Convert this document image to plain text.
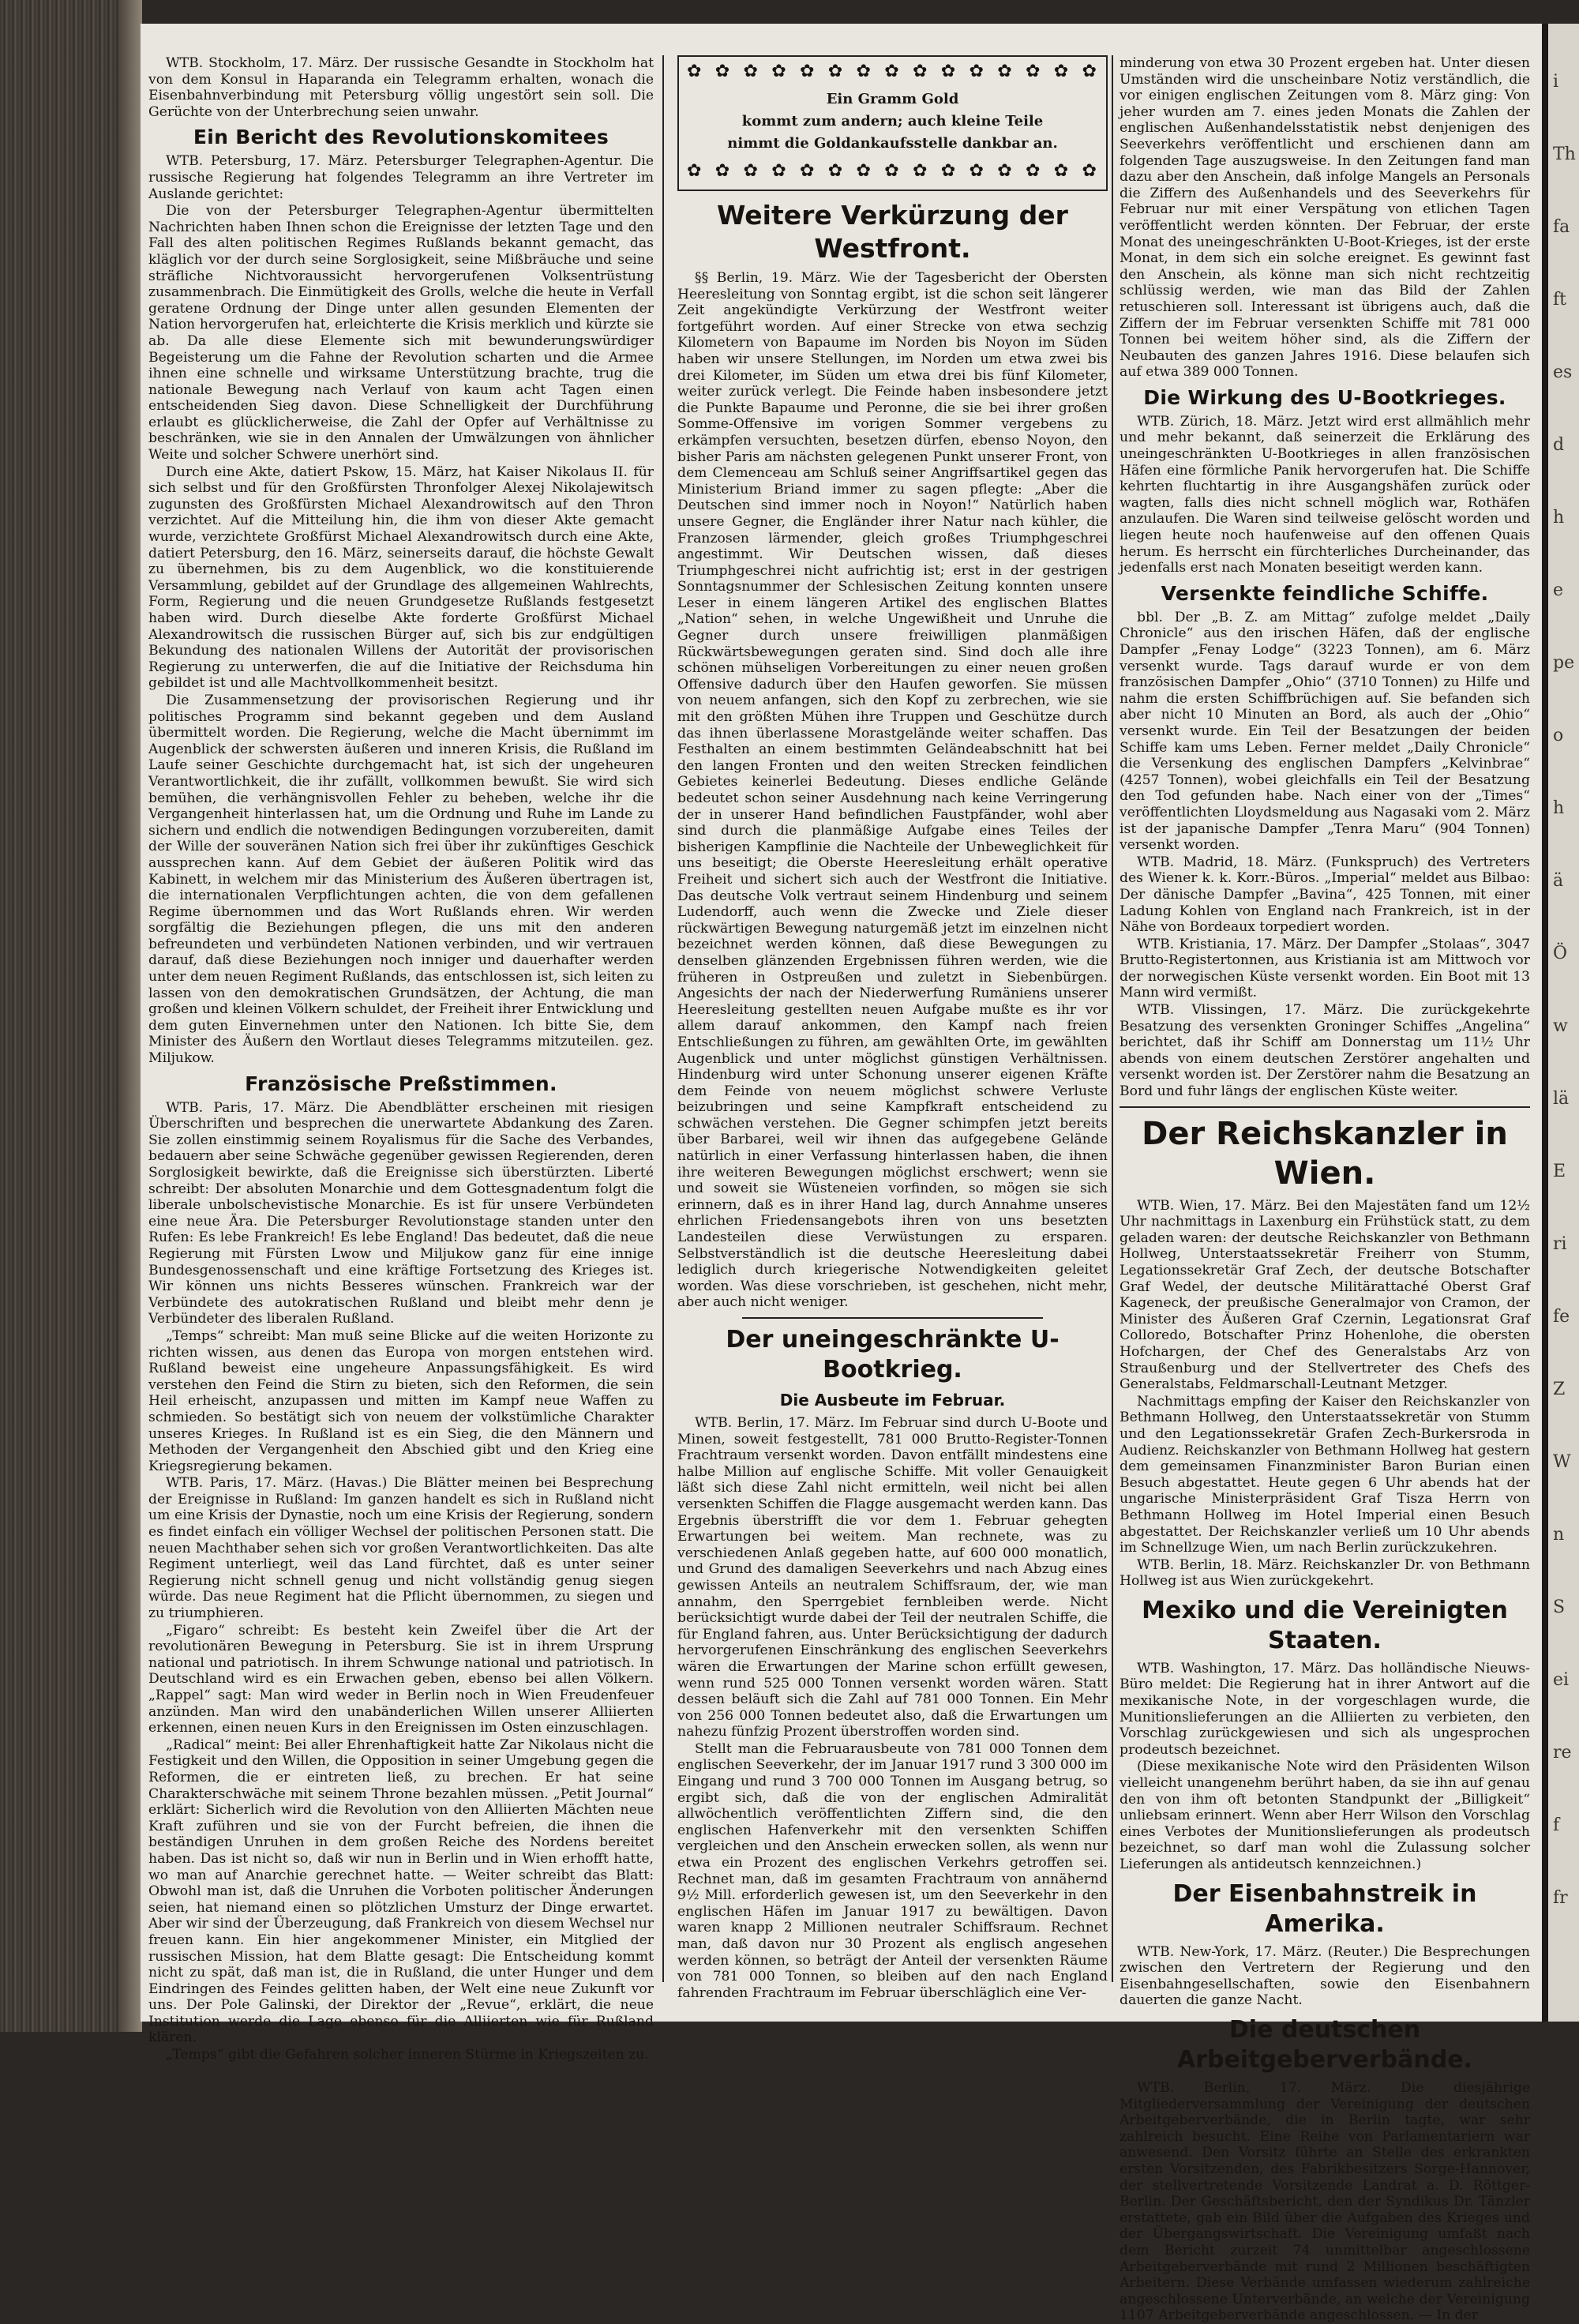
WTB. Stockholm, 17. März. Der russische Gesandte in Stockholm hat von dem Konsul in Haparanda ein Telegramm erhalten, wonach die Eisenbahnverbindung mit Petersburg völlig ungestört sein soll. Die Gerüchte von der Unterbrechung seien unwahr.

Ein Bericht des Revolutionskomitees

WTB. Petersburg, 17. März. Petersburger Telegraphen-Agentur. Die russische Regierung hat folgendes Telegramm an ihre Vertreter im Auslande gerichtet:

Die von der Petersburger Telegraphen-Agentur übermittelten Nachrichten haben Ihnen schon die Ereignisse der letzten Tage und den Fall des alten politischen Regimes Rußlands bekannt gemacht, das kläglich vor der durch seine Sorglosigkeit, seine Mißbräuche und seine sträfliche Nichtvoraussicht hervorgerufenen Volksentrüstung zusammenbrach. Die Einmütigkeit des Grolls, welche die heute in Verfall geratene Ordnung der Dinge unter allen gesunden Elementen der Nation hervorgerufen hat, erleichterte die Krisis merklich und kürzte sie ab. Da alle diese Elemente sich mit bewunderungswürdiger Begeisterung um die Fahne der Revolution scharten und die Armee ihnen eine schnelle und wirksame Unterstützung brachte, trug die nationale Bewegung nach Verlauf von kaum acht Tagen einen entscheidenden Sieg davon. Diese Schnelligkeit der Durchführung erlaubt es glücklicherweise, die Zahl der Opfer auf Verhältnisse zu beschränken, wie sie in den Annalen der Umwälzungen von ähnlicher Weite und solcher Schwere unerhört sind.

Durch eine Akte, datiert Pskow, 15. März, hat Kaiser Nikolaus II. für sich selbst und für den Großfürsten Thronfolger Alexej Nikolajewitsch zugunsten des Großfürsten Michael Alexandrowitsch auf den Thron verzichtet. Auf die Mitteilung hin, die ihm von dieser Akte gemacht wurde, verzichtete Großfürst Michael Alexandrowitsch durch eine Akte, datiert Petersburg, den 16. März, seinerseits darauf, die höchste Gewalt zu übernehmen, bis zu dem Augenblick, wo die konstituierende Versammlung, gebildet auf der Grundlage des allgemeinen Wahlrechts, Form, Regierung und die neuen Grundgesetze Rußlands festgesetzt haben wird. Durch dieselbe Akte forderte Großfürst Michael Alexandrowitsch die russischen Bürger auf, sich bis zur endgültigen Bekundung des nationalen Willens der Autorität der provisorischen Regierung zu unterwerfen, die auf die Initiative der Reichsduma hin gebildet ist und alle Machtvollkommenheit besitzt.

Die Zusammensetzung der provisorischen Regierung und ihr politisches Programm sind bekannt gegeben und dem Ausland übermittelt worden. Die Regierung, welche die Macht übernimmt im Augenblick der schwersten äußeren und inneren Krisis, die Rußland im Laufe seiner Geschichte durchgemacht hat, ist sich der ungeheuren Verantwortlichkeit, die ihr zufällt, vollkommen bewußt. Sie wird sich bemühen, die verhängnisvollen Fehler zu beheben, welche ihr die Vergangenheit hinterlassen hat, um die Ordnung und Ruhe im Lande zu sichern und endlich die notwendigen Bedingungen vorzubereiten, damit der Wille der souveränen Nation sich frei über ihr zukünftiges Geschick aussprechen kann. Auf dem Gebiet der äußeren Politik wird das Kabinett, in welchem mir das Ministerium des Äußeren übertragen ist, die internationalen Verpflichtungen achten, die von dem gefallenen Regime übernommen und das Wort Rußlands ehren. Wir werden sorgfältig die Beziehungen pflegen, die uns mit den anderen befreundeten und verbündeten Nationen verbinden, und wir vertrauen darauf, daß diese Beziehungen noch inniger und dauerhafter werden unter dem neuen Regiment Rußlands, das entschlossen ist, sich leiten zu lassen von den demokratischen Grundsätzen, der Achtung, die man großen und kleinen Völkern schuldet, der Freiheit ihrer Entwicklung und dem guten Einvernehmen unter den Nationen. Ich bitte Sie, dem Minister des Äußern den Wortlaut dieses Telegramms mitzuteilen. gez. Miljukow.

Französische Preßstimmen.

WTB. Paris, 17. März. Die Abendblätter erscheinen mit riesigen Überschriften und besprechen die unerwartete Abdankung des Zaren. Sie zollen einstimmig seinem Royalismus für die Sache des Verbandes, bedauern aber seine Schwäche gegenüber gewissen Regierenden, deren Sorglosigkeit bewirkte, daß die Ereignisse sich überstürzten. Liberté schreibt: Der absoluten Monarchie und dem Gottesgnadentum folgt die liberale unbolschevistische Monarchie. Es ist für unsere Verbündeten eine neue Ära. Die Petersburger Revolutionstage standen unter den Rufen: Es lebe Frankreich! Es lebe England! Das bedeutet, daß die neue Regierung mit Fürsten Lwow und Miljukow ganz für eine innige Bundesgenossenschaft und eine kräftige Fortsetzung des Krieges ist. Wir können uns nichts Besseres wünschen. Frankreich war der Verbündete des autokratischen Rußland und bleibt mehr denn je Verbündeter des liberalen Rußland.

„Temps“ schreibt: Man muß seine Blicke auf die weiten Horizonte zu richten wissen, aus denen das Europa von morgen entstehen wird. Rußland beweist eine ungeheure Anpassungsfähigkeit. Es wird verstehen den Feind die Stirn zu bieten, sich den Reformen, die sein Heil erheischt, anzupassen und mitten im Kampf neue Waffen zu schmieden. So bestätigt sich von neuem der volkstümliche Charakter unseres Krieges. In Rußland ist es ein Sieg, die den Männern und Methoden der Vergangenheit den Abschied gibt und den Krieg eine Kriegsregierung bekamen.

WTB. Paris, 17. März. (Havas.) Die Blätter meinen bei Besprechung der Ereignisse in Rußland: Im ganzen handelt es sich in Rußland nicht um eine Krisis der Dynastie, noch um eine Krisis der Regierung, sondern es findet einfach ein völliger Wechsel der politischen Personen statt. Die neuen Machthaber sehen sich vor großen Verantwortlichkeiten. Das alte Regiment unterliegt, weil das Land fürchtet, daß es unter seiner Regierung nicht schnell genug und nicht vollständig genug siegen würde. Das neue Regiment hat die Pflicht übernommen, zu siegen und zu triumphieren.

„Figaro“ schreibt: Es besteht kein Zweifel über die Art der revolutionären Bewegung in Petersburg. Sie ist in ihrem Ursprung national und patriotisch. In ihrem Schwunge national und patriotisch. In Deutschland wird es ein Erwachen geben, ebenso bei allen Völkern. „Rappel“ sagt: Man wird weder in Berlin noch in Wien Freudenfeuer anzünden. Man wird den unabänderlichen Willen unserer Alliierten erkennen, einen neuen Kurs in den Ereignissen im Osten einzuschlagen.

„Radical“ meint: Bei aller Ehrenhaftigkeit hatte Zar Nikolaus nicht die Festigkeit und den Willen, die Opposition in seiner Umgebung gegen die Reformen, die er eintreten ließ, zu brechen. Er hat seine Charakterschwäche mit seinem Throne bezahlen müssen. „Petit Journal“ erklärt: Sicherlich wird die Revolution von den Alliierten Mächten neue Kraft zuführen und sie von der Furcht befreien, die ihnen die beständigen Unruhen in dem großen Reiche des Nordens bereitet haben. Das ist nicht so, daß wir nun in Berlin und in Wien erhofft hatte, wo man auf Anarchie gerechnet hatte. — Weiter schreibt das Blatt: Obwohl man ist, daß die Unruhen die Vorboten politischer Änderungen seien, hat niemand einen so plötzlichen Umsturz der Dinge erwartet. Aber wir sind der Überzeugung, daß Frankreich von diesem Wechsel nur freuen kann. Ein hier angekommener Minister, ein Mitglied der russischen Mission, hat dem Blatte gesagt: Die Entscheidung kommt nicht zu spät, daß man ist, die in Rußland, die unter Hunger und dem Eindringen des Feindes gelitten haben, der Welt eine neue Zukunft vor uns. Der Pole Galinski, der Direktor der „Revue“, erklärt, die neue Institution werde die Lage ebenso für die Alliierten wie für Rußland klären.

„Temps“ gibt die Gefahren solcher inneren Stürme in Kriegszeiten zu.

✿ ✿ ✿ ✿ ✿ ✿ ✿ ✿ ✿ ✿ ✿ ✿ ✿ ✿ ✿
Ein Gramm Gold
kommt zum andern; auch kleine Teile
nimmt die Goldankaufsstelle dankbar an.
✿ ✿ ✿ ✿ ✿ ✿ ✿ ✿ ✿ ✿ ✿ ✿ ✿ ✿ ✿
Weitere Verkürzung der Westfront.

§§ Berlin, 19. März. Wie der Tagesbericht der Obersten Heeresleitung von Sonntag ergibt, ist die schon seit längerer Zeit angekündigte Verkürzung der Westfront weiter fortgeführt worden. Auf einer Strecke von etwa sechzig Kilometern von Bapaume im Norden bis Noyon im Süden haben wir unsere Stellungen, im Norden um etwa zwei bis drei Kilometer, im Süden um etwa drei bis fünf Kilometer, weiter zurück verlegt. Die Feinde haben insbesondere jetzt die Punkte Bapaume und Peronne, die sie bei ihrer großen Somme-Offensive im vorigen Sommer vergebens zu erkämpfen versuchten, besetzen dürfen, ebenso Noyon, den bisher Paris am nächsten gelegenen Punkt unserer Front, von dem Clemenceau am Schluß seiner Angriffsartikel gegen das Ministerium Briand immer zu sagen pflegte: „Aber die Deutschen sind immer noch in Noyon!“ Natürlich haben unsere Gegner, die Engländer ihrer Natur nach kühler, die Franzosen lärmender, gleich großes Triumphgeschrei angestimmt. Wir Deutschen wissen, daß dieses Triumphgeschrei nicht aufrichtig ist; erst in der gestrigen Sonntagsnummer der Schlesischen Zeitung konnten unsere Leser in einem längeren Artikel des englischen Blattes „Nation“ sehen, in welche Ungewißheit und Unruhe die Gegner durch unsere freiwilligen planmäßigen Rückwärtsbewegungen geraten sind. Sind doch alle ihre schönen mühseligen Vorbereitungen zu einer neuen großen Offensive dadurch über den Haufen geworfen. Sie müssen von neuem anfangen, sich den Kopf zu zerbrechen, wie sie mit den größten Mühen ihre Truppen und Geschütze durch das ihnen überlassene Morastgelände weiter schaffen. Das Festhalten an einem bestimmten Geländeabschnitt hat bei den langen Fronten und den weiten Strecken feindlichen Gebietes keinerlei Bedeutung. Dieses endliche Gelände bedeutet schon seiner Ausdehnung nach keine Verringerung der in unserer Hand befindlichen Faustpfänder, wohl aber sind durch die planmäßige Aufgabe eines Teiles der bisherigen Kampflinie die Nachteile der Unbeweglichkeit für uns beseitigt; die Oberste Heeresleitung erhält operative Freiheit und sichert sich auch der Westfront die Initiative. Das deutsche Volk vertraut seinem Hindenburg und seinem Ludendorff, auch wenn die Zwecke und Ziele dieser rückwärtigen Bewegung naturgemäß jetzt im einzelnen nicht bezeichnet werden können, daß diese Bewegungen zu denselben glänzenden Ergebnissen führen werden, wie die früheren in Ostpreußen und zuletzt in Siebenbürgen. Angesichts der nach der Niederwerfung Rumäniens unserer Heeresleitung gestellten neuen Aufgabe mußte es ihr vor allem darauf ankommen, den Kampf nach freien Entschließungen zu führen, am gewählten Orte, im gewählten Augenblick und unter möglichst günstigen Verhältnissen. Hindenburg wird unter Schonung unserer eigenen Kräfte dem Feinde von neuem möglichst schwere Verluste beizubringen und seine Kampfkraft entscheidend zu schwächen verstehen. Die Gegner schimpfen jetzt bereits über Barbarei, weil wir ihnen das aufgegebene Gelände natürlich in einer Verfassung hinterlassen haben, die ihnen ihre weiteren Bewegungen möglichst erschwert; wenn sie und soweit sie Wüsteneien vorfinden, so mögen sie sich erinnern, daß es in ihrer Hand lag, durch Annahme unseres ehrlichen Friedensangebots ihren von uns besetzten Landesteilen diese Verwüstungen zu ersparen. Selbstverständlich ist die deutsche Heeresleitung dabei lediglich durch kriegerische Notwendigkeiten geleitet worden. Was diese vorschrieben, ist geschehen, nicht mehr, aber auch nicht weniger.

Der uneingeschränkte U-Bootkrieg.
Die Ausbeute im Februar.

WTB. Berlin, 17. März. Im Februar sind durch U-Boote und Minen, soweit festgestellt, 781 000 Brutto-Register-Tonnen Frachtraum versenkt worden. Davon entfällt mindestens eine halbe Million auf englische Schiffe. Mit voller Genauigkeit läßt sich diese Zahl nicht ermitteln, weil nicht bei allen versenkten Schiffen die Flagge ausgemacht werden kann. Das Ergebnis überstrifft die vor dem 1. Februar gehegten Erwartungen bei weitem. Man rechnete, was zu verschiedenen Anlaß gegeben hatte, auf 600 000 monatlich, und Grund des damaligen Seeverkehrs und nach Abzug eines gewissen Anteils an neutralem Schiffsraum, der, wie man annahm, den Sperrgebiet fernbleiben werde. Nicht berücksichtigt wurde dabei der Teil der neutralen Schiffe, die für England fahren, aus. Unter Berücksichtigung der dadurch hervorgerufenen Einschränkung des englischen Seeverkehrs wären die Erwartungen der Marine schon erfüllt gewesen, wenn rund 525 000 Tonnen versenkt worden wären. Statt dessen beläuft sich die Zahl auf 781 000 Tonnen. Ein Mehr von 256 000 Tonnen bedeutet also, daß die Erwartungen um nahezu fünfzig Prozent überstroffen worden sind.

Stellt man die Februarausbeute von 781 000 Tonnen dem englischen Seeverkehr, der im Januar 1917 rund 3 300 000 im Eingang und rund 3 700 000 Tonnen im Ausgang betrug, so ergibt sich, daß die von der englischen Admiralität allwöchentlich veröffentlichten Ziffern sind, die den englischen Hafenverkehr mit den versenkten Schiffen vergleichen und den Anschein erwecken sollen, als wenn nur etwa ein Prozent des englischen Verkehrs getroffen sei. Rechnet man, daß im gesamten Frachtraum von annähernd 9½ Mill. erforderlich gewesen ist, um den Seeverkehr in den englischen Häfen im Januar 1917 zu bewältigen. Davon waren knapp 2 Millionen neutraler Schiffsraum. Rechnet man, daß davon nur 30 Prozent als englisch angesehen werden können, so beträgt der Anteil der versenkten Räume von 781 000 Tonnen, so bleiben auf den nach England fahrenden Frachtraum im Februar überschläglich eine Ver-

minderung von etwa 30 Prozent ergeben hat. Unter diesen Umständen wird die unscheinbare Notiz verständlich, die vor einigen englischen Zeitungen vom 8. März ging: Von jeher wurden am 7. eines jeden Monats die Zahlen der englischen Außenhandelsstatistik nebst denjenigen des Seeverkehrs veröffentlicht und erschienen dann am folgenden Tage auszugsweise. In den Zeitungen fand man dazu aber den Anschein, daß infolge Mangels an Personals die Ziffern des Außenhandels und des Seeverkehrs für Februar nur mit einer Verspätung von etlichen Tagen veröffentlicht werden könnten. Der Februar, der erste Monat des uneingeschränkten U-Boot-Krieges, ist der erste Monat, in dem sich ein solche ereignet. Es gewinnt fast den Anschein, als könne man sich nicht rechtzeitig schlüssig werden, wie man das Bild der Zahlen retuschieren soll. Interessant ist übrigens auch, daß die Ziffern der im Februar versenkten Schiffe mit 781 000 Tonnen bei weitem höher sind, als die Ziffern der Neubauten des ganzen Jahres 1916. Diese belaufen sich auf etwa 389 000 Tonnen.

Die Wirkung des U-Bootkrieges.

WTB. Zürich, 18. März. Jetzt wird erst allmählich mehr und mehr bekannt, daß seinerzeit die Erklärung des uneingeschränkten U-Bootkrieges in allen französischen Häfen eine förmliche Panik hervorgerufen hat. Die Schiffe kehrten fluchtartig in ihre Ausgangshäfen zurück oder wagten, falls dies nicht schnell möglich war, Rothäfen anzulaufen. Die Waren sind teilweise gelöscht worden und liegen heute noch haufenweise auf den offenen Quais herum. Es herrscht ein fürchterliches Durcheinander, das jedenfalls erst nach Monaten beseitigt werden kann.

Versenkte feindliche Schiffe.

bbl. Der „B. Z. am Mittag“ zufolge meldet „Daily Chronicle“ aus den irischen Häfen, daß der englische Dampfer „Fenay Lodge“ (3223 Tonnen), am 6. März versenkt wurde. Tags darauf wurde er von dem französischen Dampfer „Ohio“ (3710 Tonnen) zu Hilfe und nahm die ersten Schiffbrüchigen auf. Sie befanden sich aber nicht 10 Minuten an Bord, als auch der „Ohio“ versenkt wurde. Ein Teil der Besatzungen der beiden Schiffe kam ums Leben. Ferner meldet „Daily Chronicle“ die Versenkung des englischen Dampfers „Kelvinbrae“ (4257 Tonnen), wobei gleichfalls ein Teil der Besatzung den Tod gefunden habe. Nach einer von der „Times“ veröffentlichten Lloydsmeldung aus Nagasaki vom 2. März ist der japanische Dampfer „Tenra Maru“ (904 Tonnen) versenkt worden.

WTB. Madrid, 18. März. (Funkspruch) des Vertreters des Wiener k. k. Korr.-Büros. „Imperial“ meldet aus Bilbao: Der dänische Dampfer „Bavina“, 425 Tonnen, mit einer Ladung Kohlen von England nach Frankreich, ist in der Nähe von Bordeaux torpediert worden.

WTB. Kristiania, 17. März. Der Dampfer „Stolaas“, 3047 Brutto-Registertonnen, aus Kristiania ist am Mittwoch vor der norwegischen Küste versenkt worden. Ein Boot mit 13 Mann wird vermißt.

WTB. Vlissingen, 17. März. Die zurückgekehrte Besatzung des versenkten Groninger Schiffes „Angelina“ berichtet, daß ihr Schiff am Donnerstag um 11½ Uhr abends von einem deutschen Zerstörer angehalten und versenkt worden ist. Der Zerstörer nahm die Besatzung an Bord und fuhr längs der englischen Küste weiter.

Der Reichskanzler in Wien.

WTB. Wien, 17. März. Bei den Majestäten fand um 12½ Uhr nachmittags in Laxenburg ein Frühstück statt, zu dem geladen waren: der deutsche Reichskanzler von Bethmann Hollweg, Unterstaatssekretär Freiherr von Stumm, Legationssekretär Graf Zech, der deutsche Botschafter Graf Wedel, der deutsche Militärattaché Oberst Graf Kageneck, der preußische Generalmajor von Cramon, der Minister des Äußeren Graf Czernin, Legationsrat Graf Colloredo, Botschafter Prinz Hohenlohe, die obersten Hofchargen, der Chef des Generalstabs Arz von Straußenburg und der Stellvertreter des Chefs des Generalstabs, Feldmarschall-Leutnant Metzger.

Nachmittags empfing der Kaiser den Reichskanzler von Bethmann Hollweg, den Unterstaatssekretär von Stumm und den Legationssekretär Grafen Zech-Burkersroda in Audienz. Reichskanzler von Bethmann Hollweg hat gestern dem gemeinsamen Finanzminister Baron Burian einen Besuch abgestattet. Heute gegen 6 Uhr abends hat der ungarische Ministerpräsident Graf Tisza Herrn von Bethmann Hollweg im Hotel Imperial einen Besuch abgestattet. Der Reichskanzler verließ um 10 Uhr abends im Schnellzuge Wien, um nach Berlin zurückzukehren.

WTB. Berlin, 18. März. Reichskanzler Dr. von Bethmann Hollweg ist aus Wien zurückgekehrt.

Mexiko und die Vereinigten Staaten.

WTB. Washington, 17. März. Das holländische Nieuws-Büro meldet: Die Regierung hat in ihrer Antwort auf die mexikanische Note, in der vorgeschlagen wurde, die Munitionslieferungen an die Alliierten zu verbieten, den Vorschlag zurückgewiesen und sich als ungesprochen prodeutsch bezeichnet.

(Diese mexikanische Note wird den Präsidenten Wilson vielleicht unangenehm berührt haben, da sie ihn auf genau den von ihm oft betonten Standpunkt der „Billigkeit“ unliebsam erinnert. Wenn aber Herr Wilson den Vorschlag eines Verbotes der Munitionslieferungen als prodeutsch bezeichnet, so darf man wohl die Zulassung solcher Lieferungen als antideutsch kennzeichnen.)

Der Eisenbahnstreik in Amerika.

WTB. New-York, 17. März. (Reuter.) Die Besprechungen zwischen den Vertretern der Regierung und den Eisenbahngesellschaften, sowie den Eisenbahnern dauerten die ganze Nacht.

Die deutschen Arbeitgeberverbände.

WTB. Berlin, 17. März. Die diesjährige Mitgliederversammlung der Vereinigung der deutschen Arbeitgeberverbände, die in Berlin tagte, war sehr zahlreich besucht. Eine Reihe von Parlamentariern war anwesend. Den Vorsitz führte an Stelle des erkrankten ersten Vorsitzenden, des Fabrikbesitzers Sorge-Hannover, der stellvertretende Vorsitzende Landrat a. D. Röttger-Berlin. Der Geschäftsbericht, den der Syndikus Dr. Tänzler erstattete, gab ein Bild über die Aufgaben des Krieges und der Übergangswirtschaft. Die Vereinigung umfaßt nach dem Bericht zurzeit 74 unmittelbar angeschlossene Arbeitgeberverbände mit rund 2 Millionen beschäftigten Arbeitern. Diese Verbände umfassen wiederum zahlreiche angeschlossene Unterverbände, an welche der Vereinigung 1107 Arbeitgeberverbände angeschlossen. — In der

i
Th
fa
ft
es
d
h
e
pe
o
h
ä
Ö
w
lä
E
ri
fe
Z
W
n
S
ei
re
f
fr
